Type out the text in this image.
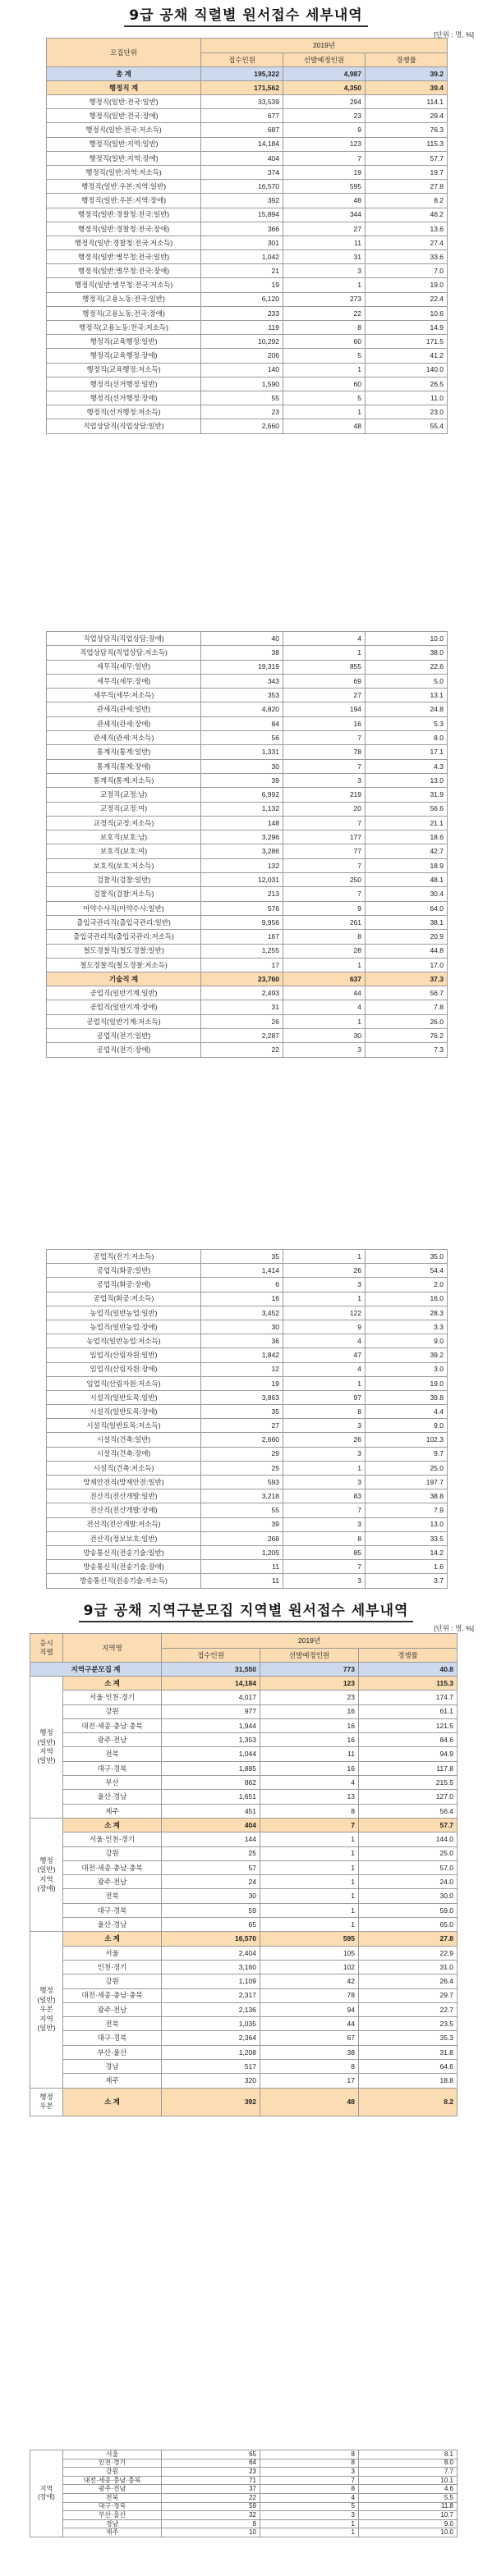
9급 공채 직렬별 원서접수 세부내역
[단위 : 명, %]
모집단위	2019년		
	접수인원	선발예정인원	경쟁률
총 계	195,322	4,987	39.2
행정직 계	171,562	4,350	39.4
행정직(일반:전국:일반)	33,539	294	114.1
행정직(일반:전국:장애)	677	23	29.4
행정직(일반:전국:저소득)	687	9	76.3
행정직(일반:지역:일반)	14,184	123	115.3
행정직(일반:지역:장애)	404	7	57.7
행정직(일반:지역:저소득)	374	19	19.7
행정직(일반:우본:지역:일반)	16,570	595	27.8
행정직(일반:우본:지역:장애)	392	48	8.2
행정직(일반:경찰청:전국:일반)	15,894	344	46.2
행정직(일반:경찰청:전국:장애)	366	27	13.6
행정직(일반:경찰청:전국:저소득)	301	11	27.4
행정직(일반:병무청:전국:일반)	1,042	31	33.6
행정직(일반:병무청:전국:장애)	21	3	7.0
행정직(일반:병무청:전국:저소득)	19	1	19.0
행정직(고용노동:전국:일반)	6,120	273	22.4
행정직(고용노동:전국:장애)	233	22	10.6
행정직(고용노동:전국:저소득)	119	8	14.9
행정직(교육행정:일반)	10,292	60	171.5
행정직(교육행정:장애)	206	5	41.2
행정직(교육행정:저소득)	140	1	140.0
행정직(선거행정:일반)	1,590	60	26.5
행정직(선거행정:장애)	55	5	11.0
행정직(선거행정:저소득)	23	1	23.0
직업상담직(직업상담:일반)	2,660	48	55.4
직업상담직(직업상담:장애)	40	4	10.0
직업상담직(직업상담:저소득)	38	1	38.0
세무직(세무:일반)	19,319	855	22.6
세무직(세무:장애)	343	69	5.0
세무직(세무:저소득)	353	27	13.1
관세직(관세:일반)	4,820	194	24.8
관세직(관세:장애)	84	16	5.3
관세직(관세:저소득)	56	7	8.0
통계직(통계:일반)	1,331	78	17.1
통계직(통계:장애)	30	7	4.3
통계직(통계:저소득)	39	3	13.0
교정직(교정:남)	6,992	219	31.9
교정직(교정:여)	1,132	20	56.6
교정직(교정:저소득)	148	7	21.1
보호직(보호:남)	3,296	177	18.6
보호직(보호:여)	3,286	77	42.7
보호직(보호:저소득)	132	7	18.9
검찰직(검찰:일반)	12,031	250	48.1
검찰직(검찰:저소득)	213	7	30.4
마약수사직(마약수사:일반)	576	9	64.0
출입국관리직(출입국관리:일반)	9,956	261	38.1
출입국관리직(출입국관리:저소득)	167	8	20.9
철도경찰직(철도경찰:일반)	1,255	28	44.8
철도경찰직(철도경찰:저소득)	17	1	17.0
기술직 계	23,760	637	37.3
공업직(일반기계:일반)	2,493	44	56.7
공업직(일반기계:장애)	31	4	7.8
공업직(일반기계:저소득)	26	1	26.0
공업직(전기:일반)	2,287	30	76.2
공업직(전기:장애)	22	3	7.3
공업직(전기:저소득)	35	1	35.0
공업직(화공:일반)	1,414	26	54.4
공업직(화공:장애)	6	3	2.0
공업직(화공:저소득)	16	1	16.0
농업직(일반농업:일반)	3,452	122	28.3
농업직(일반농업:장애)	30	9	3.3
농업직(일반농업:저소득)	36	4	9.0
임업직(산림자원:일반)	1,842	47	39.2
임업직(산림자원:장애)	12	4	3.0
임업직(산림자원:저소득)	19	1	19.0
시설직(일반토목:일반)	3,863	97	39.8
시설직(일반토목:장애)	35	8	4.4
시설직(일반토목:저소득)	27	3	9.0
시설직(건축:일반)	2,660	26	102.3
시설직(건축:장애)	29	3	9.7
시설직(건축:저소득)	25	1	25.0
방재안전직(방재안전:일반)	593	3	197.7
전산직(전산개발:일반)	3,218	83	38.8
전산직(전산개발:장애)	55	7	7.9
전산직(전산개발:저소득)	39	3	13.0
전산직(정보보호:일반)	268	8	33.5
방송통신직(전송기술:일반)	1,205	85	14.2
방송통신직(전송기술:장애)	11	7	1.6
방송통신직(전송기술:저소득)	11	3	3.7
9급 공채 지역구분모집 지역별 원서접수 세부내역
[단위 : 명, %]
응시
직렬	지역명	2019년		
		접수인원	선발예정인원	경쟁률
지역구분모집 계		31,550	773	40.8
행정
(일반)
지역
(일반)	소 계	14,184	123	115.3
	서울·인천·경기	4,017	23	174.7
	강원	977	16	61.1
	대전·세종·충남·충북	1,944	16	121.5
	광주·전남	1,353	16	84.6
	전북	1,044	11	94.9
	대구·경북	1,885	16	117.8
	부산	862	4	215.5
	울산·경남	1,651	13	127.0
	제주	451	8	56.4
행정
(일반)
지역
(장애)	소 계	404	7	57.7
	서울·인천·경기	144	1	144.0
	강원	25	1	25.0
	대전·세종·충남·충북	57	1	57.0
	광주·전남	24	1	24.0
	전북	30	1	30.0
	대구·경북	59	1	59.0
	울산·경남	65	1	65.0
행정
(일반)
우본
지역
(일반)	소 계	16,570	595	27.8
	서울	2,404	105	22.9
	인천·경기	3,160	102	31.0
	강원	1,109	42	26.4
	대전·세종·충남·충북	2,317	78	29.7
	광주·전남	2,136	94	22.7
	전북	1,035	44	23.5
	대구·경북	2,364	67	35.3
	부산·울산	1,208	38	31.8
	경남	517	8	64.6
	제주	320	17	18.8
행정
우본	소 계	392	48	8.2
지역
(장애)	서울	65	8	8.1
	인천·경기	64	8	8.0
	강원	23	3	7.7
	대전·세종·충남·충북	71	7	10.1
	광주·전남	37	8	4.6
	전북	22	4	5.5
	대구·경북	59	5	11.8
	부산·울산	32	3	10.7
	경남	9	1	9.0
	제주	10	1	10.0
